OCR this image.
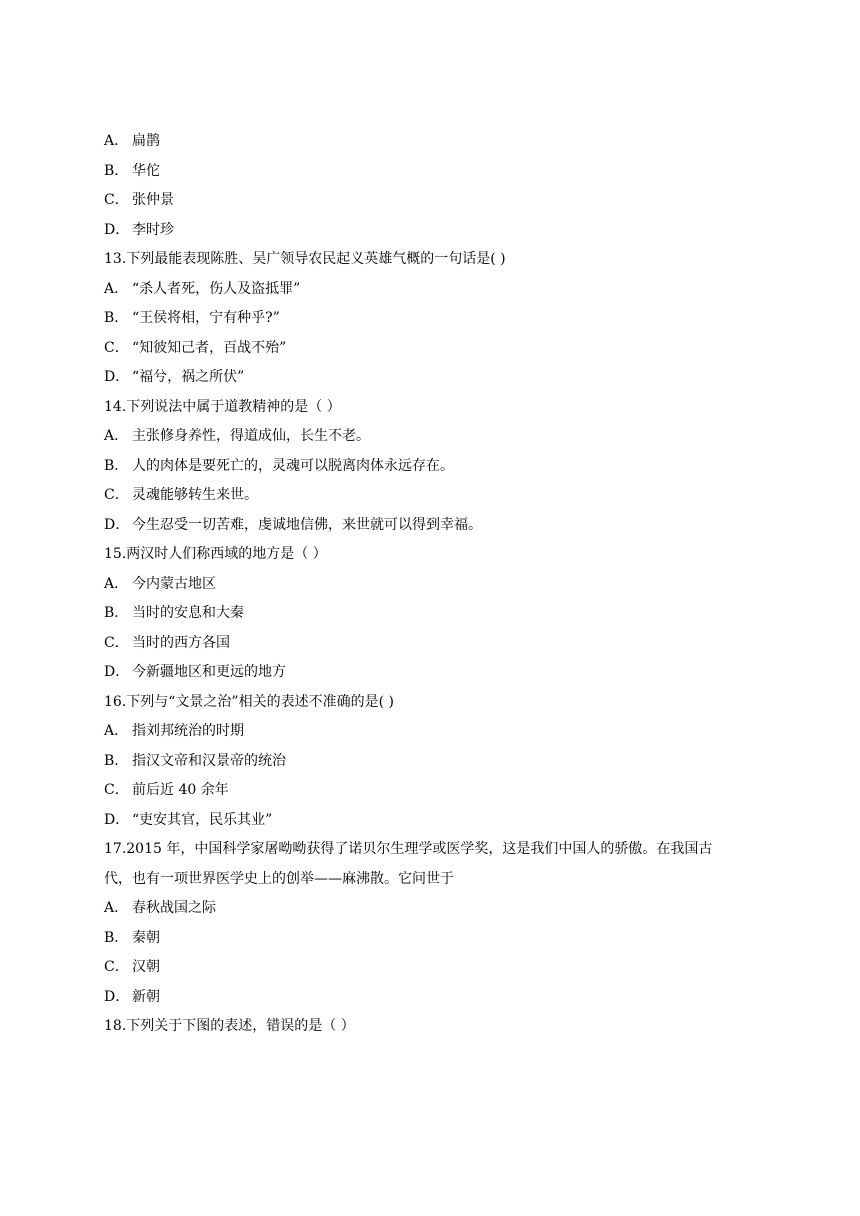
A． 扁鹊
B． 华佗
C． 张仲景
D． 李时珍
13.下列最能表现陈胜、吴广领导农民起义英雄气概的一句话是( )
A． “杀人者死，伤人及盗抵罪”
B． “王侯将相，宁有种乎?”
C． “知彼知己者，百战不殆”
D． “福兮，祸之所伏”
14.下列说法中属于道教精神的是（ ）
A． 主张修身养性，得道成仙，长生不老。
B． 人的肉体是要死亡的，灵魂可以脱离肉体永远存在。
C． 灵魂能够转生来世。
D． 今生忍受一切苦难，虔诚地信佛，来世就可以得到幸福。
15.两汉时人们称西域的地方是（ ）
A． 今内蒙古地区
B． 当时的安息和大秦
C． 当时的西方各国
D． 今新疆地区和更远的地方
16.下列与“文景之治”相关的表述不准确的是( )
A． 指刘邦统治的时期
B． 指汉文帝和汉景帝的统治
C． 前后近 40 余年
D． “吏安其官，民乐其业”
17.2015 年，中国科学家屠呦呦获得了诺贝尔生理学或医学奖，这是我们中国人的骄傲。在我国古
代，也有一项世界医学史上的创举——麻沸散。它问世于
A． 春秋战国之际
B． 秦朝
C． 汉朝
D． 新朝
18.下列关于下图的表述，错误的是（ ）
